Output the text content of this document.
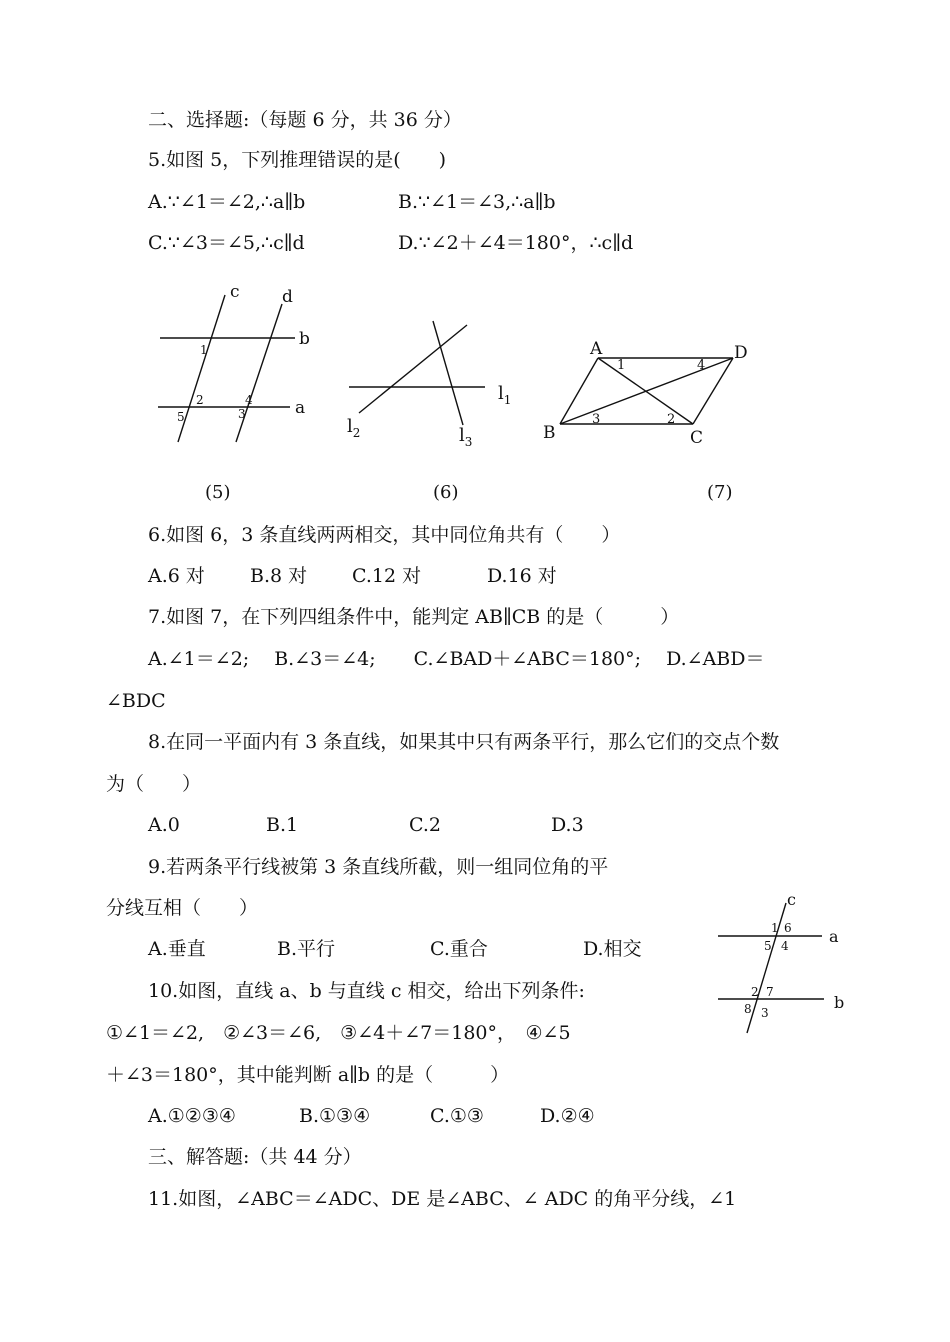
二、选择题:（每题 6 分，共 36 分）
5.如图 5，下列推理错误的是(　　)
A.∵∠1＝∠2,∴a∥b	B.∵∠1＝∠3,∴a∥b
C.∵∠3＝∠5,∴c∥d	D.∵∠2＋∠4＝180°，∴c∥d
c d
b
a
1
2
3
4
5
$l_1$
$l_2$	$l_3$
A	D
B	C
1	4
3	2
(5)	(6)	(7)
6.如图 6，3 条直线两两相交，其中同位角共有（　　）
A.6 对 B.8 对 C.12 对	D.16 对
7.如图 7，在下列四组条件中，能判定 AB∥CB 的是（　　　）
A.∠1＝∠2;　 B.∠3＝∠4;　　C.∠BAD＋∠ABC＝180°;　 D.∠ABD＝
∠BDC
8.在同一平面内有 3 条直线，如果其中只有两条平行，那么它们的交点个数
为（　　）
A.0	B.1	C.2	D.3
9.若两条平行线被第 3 条直线所截，则一组同位角的平
分线互相（　　）
A.垂直	B.平行	C.重合	D.相交
c
a
b
1 6
5 4
2 7
8 3
10.如图，直线 a、b 与直线 c 相交，给出下列条件:
①∠1＝∠2,　②∠3＝∠6,　③∠4＋∠7＝180°，　④∠5
＋∠3＝180°，其中能判断 a∥b 的是（　　　）
A.①②③④	B.①③④	C.①③	D.②④
三、解答题:（共 44 分）
11.如图，∠ABC＝∠ADC、DE 是∠ABC、∠ ADC 的角平分线，∠1
